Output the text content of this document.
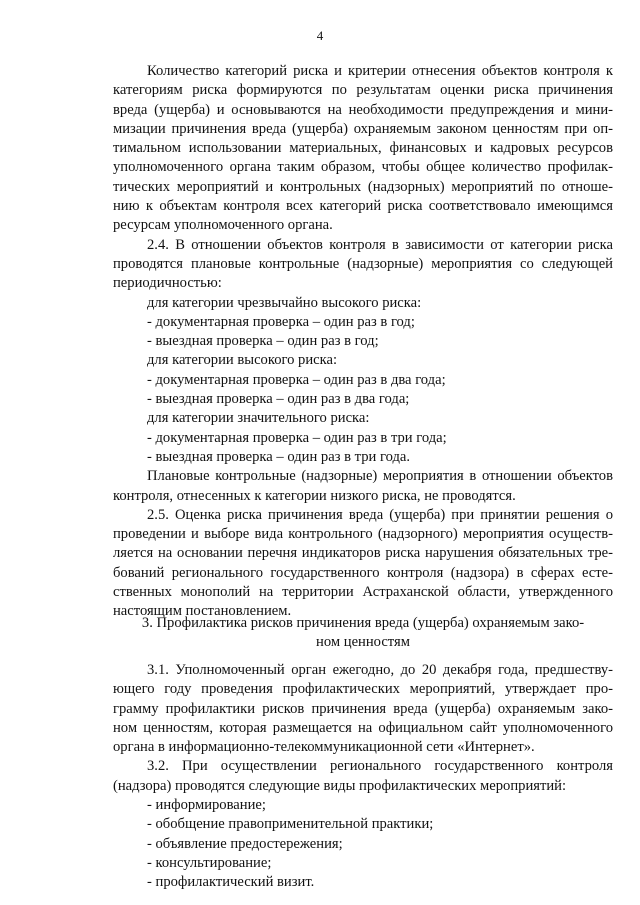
4
Количество категорий риска и критерии отнесения объектов контроля к
категориям риска формируются по результатам оценки риска причинения
вреда (ущерба) и основываются на необходимости предупреждения и мини-
мизации причинения вреда (ущерба) охраняемым законом ценностям при оп-
тимальном использовании материальных, финансовых и кадровых ресурсов
уполномоченного органа таким образом, чтобы общее количество профилак-
тических мероприятий и контрольных (надзорных) мероприятий по отноше-
нию к объектам контроля всех категорий риска соответствовало имеющимся
ресурсам уполномоченного органа.
2.4. В отношении объектов контроля в зависимости от категории риска
проводятся плановые контрольные (надзорные) мероприятия со следующей
периодичностью:
для категории чрезвычайно высокого риска:
- документарная проверка – один раз в год;
- выездная проверка – один раз в год;
для категории высокого риска:
- документарная проверка – один раз в два года;
- выездная проверка – один раз в два года;
для категории значительного риска:
- документарная проверка – один раз в три года;
- выездная проверка – один раз в три года.
Плановые контрольные (надзорные) мероприятия в отношении объектов
контроля, отнесенных к категории низкого риска, не проводятся.
2.5. Оценка риска причинения вреда (ущерба) при принятии решения о
проведении и выборе вида контрольного (надзорного) мероприятия осуществ-
ляется на основании перечня индикаторов риска нарушения обязательных тре-
бований регионального государственного контроля (надзора) в сферах есте-
ственных монополий на территории Астраханской области, утвержденного
настоящим постановлением.
3. Профилактика рисков причинения вреда (ущерба) охраняемым зако-
ном ценностям
3.1. Уполномоченный орган ежегодно, до 20 декабря года, предшеству-
ющего году проведения профилактических мероприятий, утверждает про-
грамму профилактики рисков причинения вреда (ущерба) охраняемым зако-
ном ценностям, которая размещается на официальном сайт уполномоченного
органа в информационно-телекоммуникационной сети «Интернет».
3.2. При осуществлении регионального государственного контроля
(надзора) проводятся следующие виды профилактических мероприятий:
- информирование;
- обобщение правоприменительной практики;
- объявление предостережения;
- консультирование;
- профилактический визит.
